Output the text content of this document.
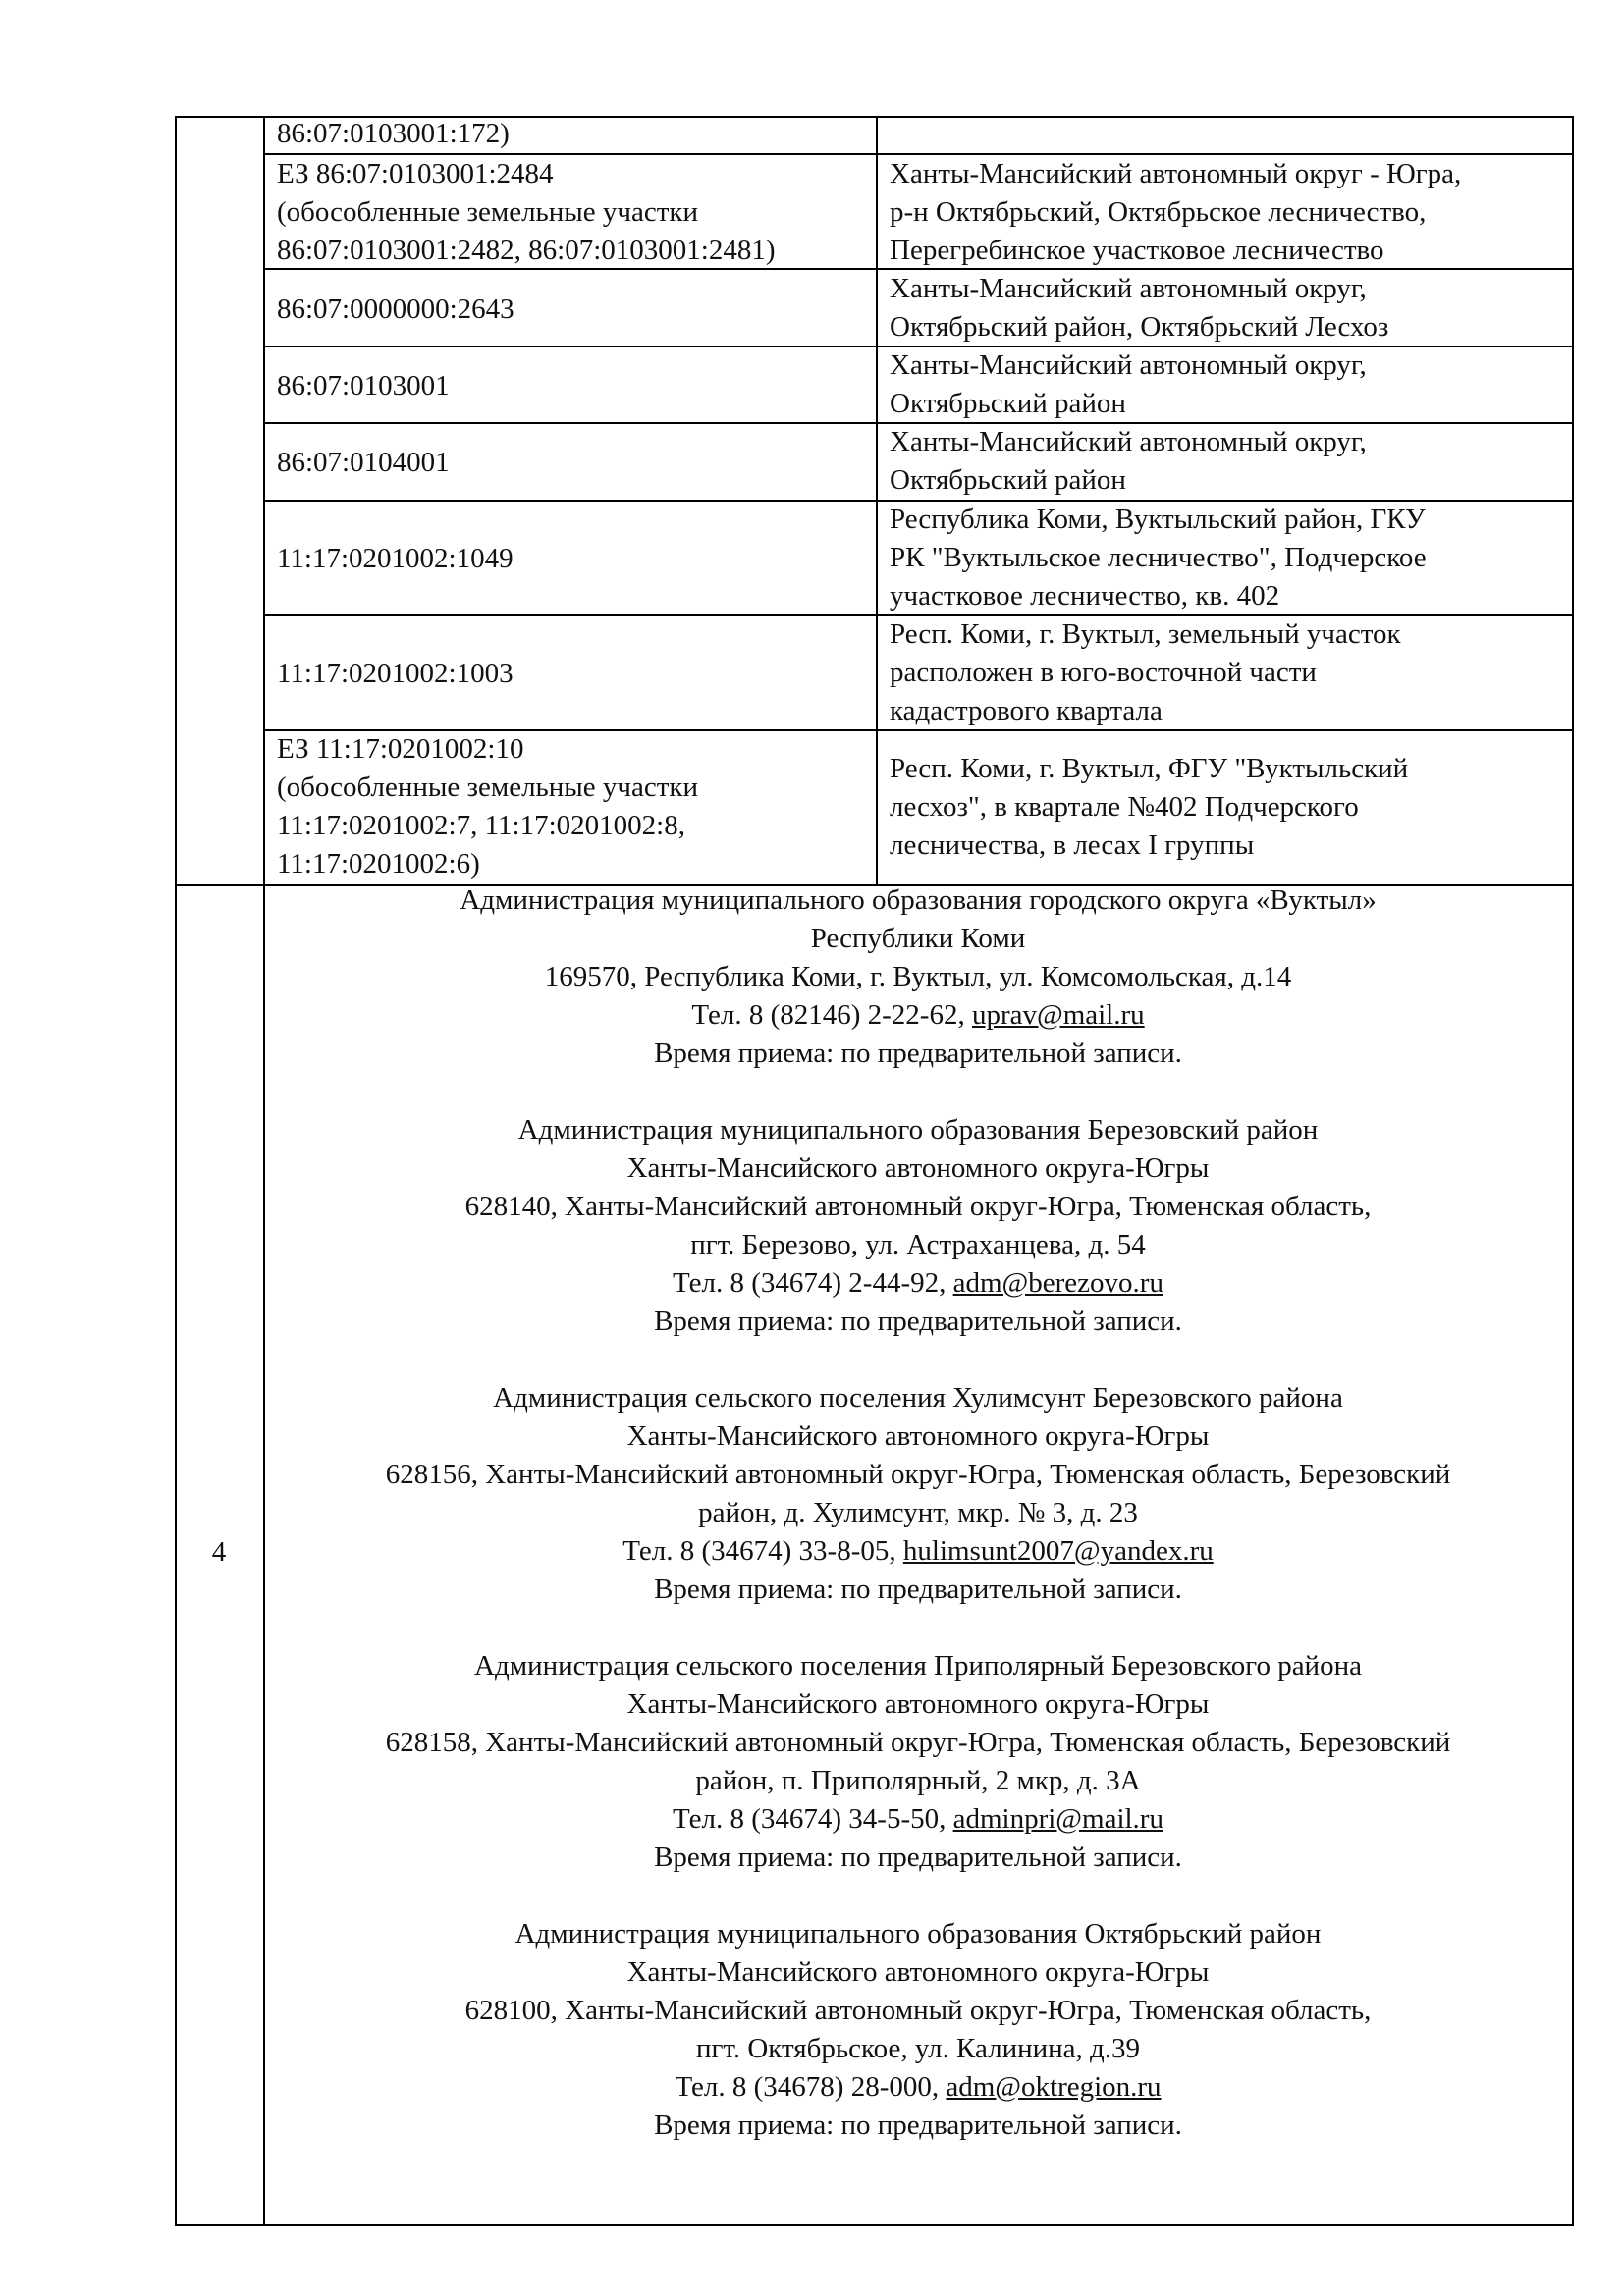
86:07:0103001:172)
ЕЗ 86:07:0103001:2484
(обособленные земельные участки
86:07:0103001:2482, 86:07:0103001:2481)
Ханты-Мансийский автономный округ - Югра,
р-н Октябрьский, Октябрьское лесничество,
Перегребинское участковое лесничество
86:07:0000000:2643
Ханты-Мансийский автономный округ,
Октябрьский район, Октябрьский Лесхоз
86:07:0103001
Ханты-Мансийский автономный округ,
Октябрьский район
86:07:0104001
Ханты-Мансийский автономный округ,
Октябрьский район
11:17:0201002:1049
Республика Коми, Вуктыльский район, ГКУ
РК "Вуктыльское лесничество", Подчерское
участковое лесничество, кв. 402
11:17:0201002:1003
Респ. Коми, г. Вуктыл, земельный участок
расположен в юго-восточной части
кадастрового квартала
ЕЗ 11:17:0201002:10
(обособленные земельные участки
11:17:0201002:7, 11:17:0201002:8,
11:17:0201002:6)
Респ. Коми, г. Вуктыл, ФГУ "Вуктыльский
лесхоз", в квартале №402 Подчерского
лесничества, в лесах I группы
4
Администрация муниципального образования городского округа «Вуктыл»
Республики Коми
169570, Республика Коми, г. Вуктыл, ул. Комсомольская, д.14
Тел. 8 (82146) 2-22-62, uprav@mail.ru
Время приема: по предварительной записи.
Администрация муниципального образования Березовский район
Ханты-Мансийского автономного округа-Югры
628140, Ханты-Мансийский автономный округ-Югра, Тюменская область,
пгт. Березово, ул. Астраханцева, д. 54
Тел. 8 (34674) 2-44-92, adm@berezovo.ru
Время приема: по предварительной записи.
Администрация сельского поселения Хулимсунт Березовского района
Ханты-Мансийского автономного округа-Югры
628156, Ханты-Мансийский автономный округ-Югра, Тюменская область, Березовский
район, д. Хулимсунт, мкр. № 3, д. 23
Тел. 8 (34674) 33-8-05, hulimsunt2007@yandex.ru
Время приема: по предварительной записи.
Администрация сельского поселения Приполярный Березовского района
Ханты-Мансийского автономного округа-Югры
628158, Ханты-Мансийский автономный округ-Югра, Тюменская область, Березовский
район, п. Приполярный, 2 мкр, д. 3А
Тел. 8 (34674) 34-5-50, adminpri@mail.ru
Время приема: по предварительной записи.
Администрация муниципального образования Октябрьский район
Ханты-Мансийского автономного округа-Югры
628100, Ханты-Мансийский автономный округ-Югра, Тюменская область,
пгт. Октябрьское, ул. Калинина, д.39
Тел. 8 (34678) 28-000, adm@oktregion.ru
Время приема: по предварительной записи.
